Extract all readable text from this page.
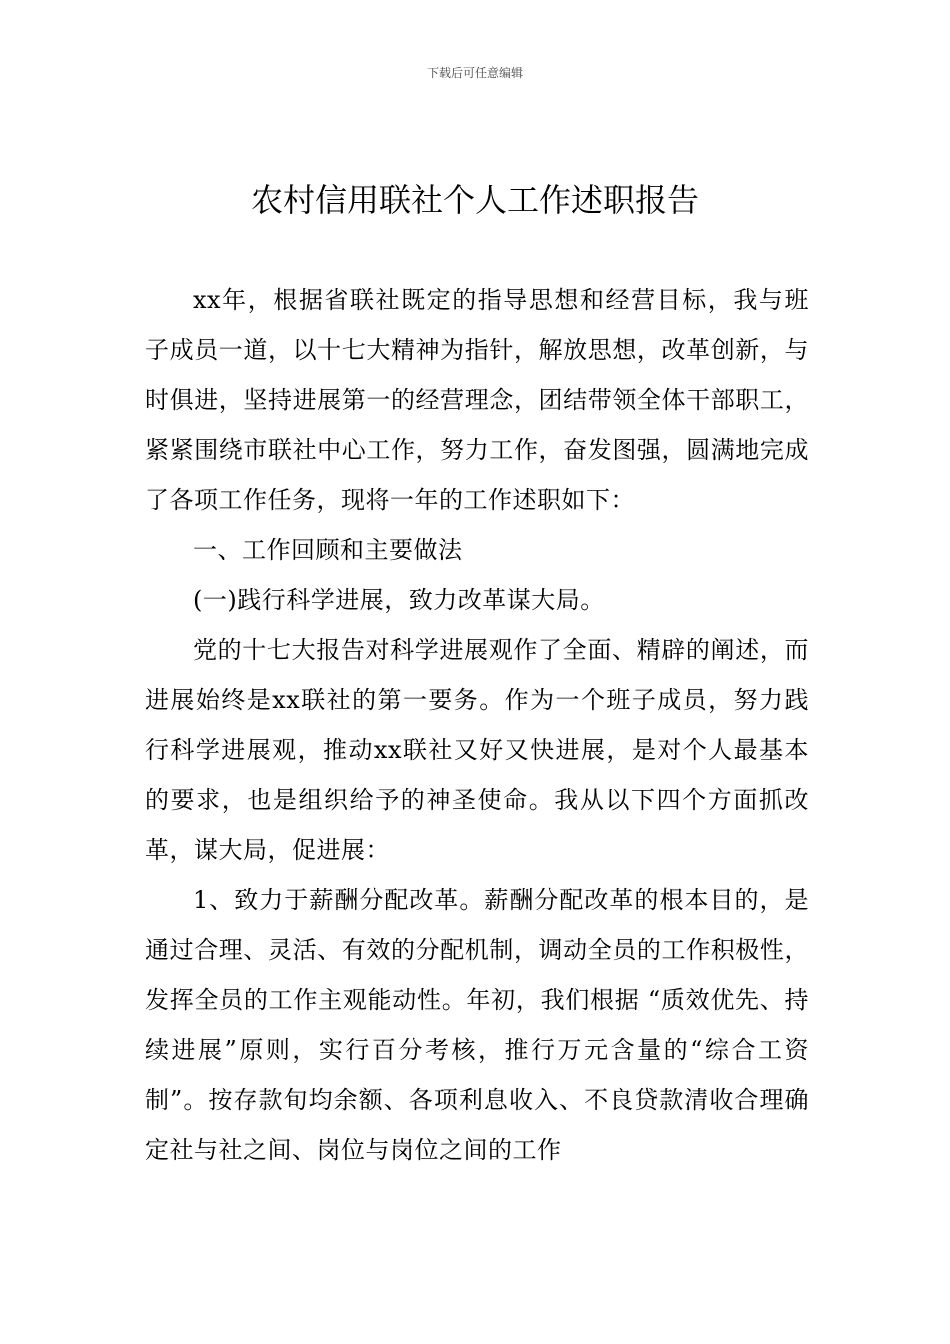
下载后可任意编辑
农村信用联社个人工作述职报告

xx年，根据省联社既定的指导思想和经营目标，我与班子成员一道，以十七大精神为指针，解放思想，改革创新，与时俱进，坚持进展第一的经营理念，团结带领全体干部职工，紧紧围绕市联社中心工作，努力工作，奋发图强，圆满地完成了各项工作任务，现将一年的工作述职如下：

一、工作回顾和主要做法

(一)践行科学进展，致力改革谋大局。

党的十七大报告对科学进展观作了全面、精辟的阐述，而进展始终是xx联社的第一要务。作为一个班子成员，努力践行科学进展观，推动xx联社又好又快进展，是对个人最基本的要求，也是组织给予的神圣使命。我从以下四个方面抓改革，谋大局，促进展：

1、致力于薪酬分配改革。薪酬分配改革的根本目的，是通过合理、灵活、有效的分配机制，调动全员的工作积极性，发挥全员的工作主观能动性。年初，我们根据 “质效优先、持续进展”原则，实行百分考核，推行万元含量的“综合工资制”。按存款旬均余额、各项利息收入、不良贷款清收合理确定社与社之间、岗位与岗位之间的工作
